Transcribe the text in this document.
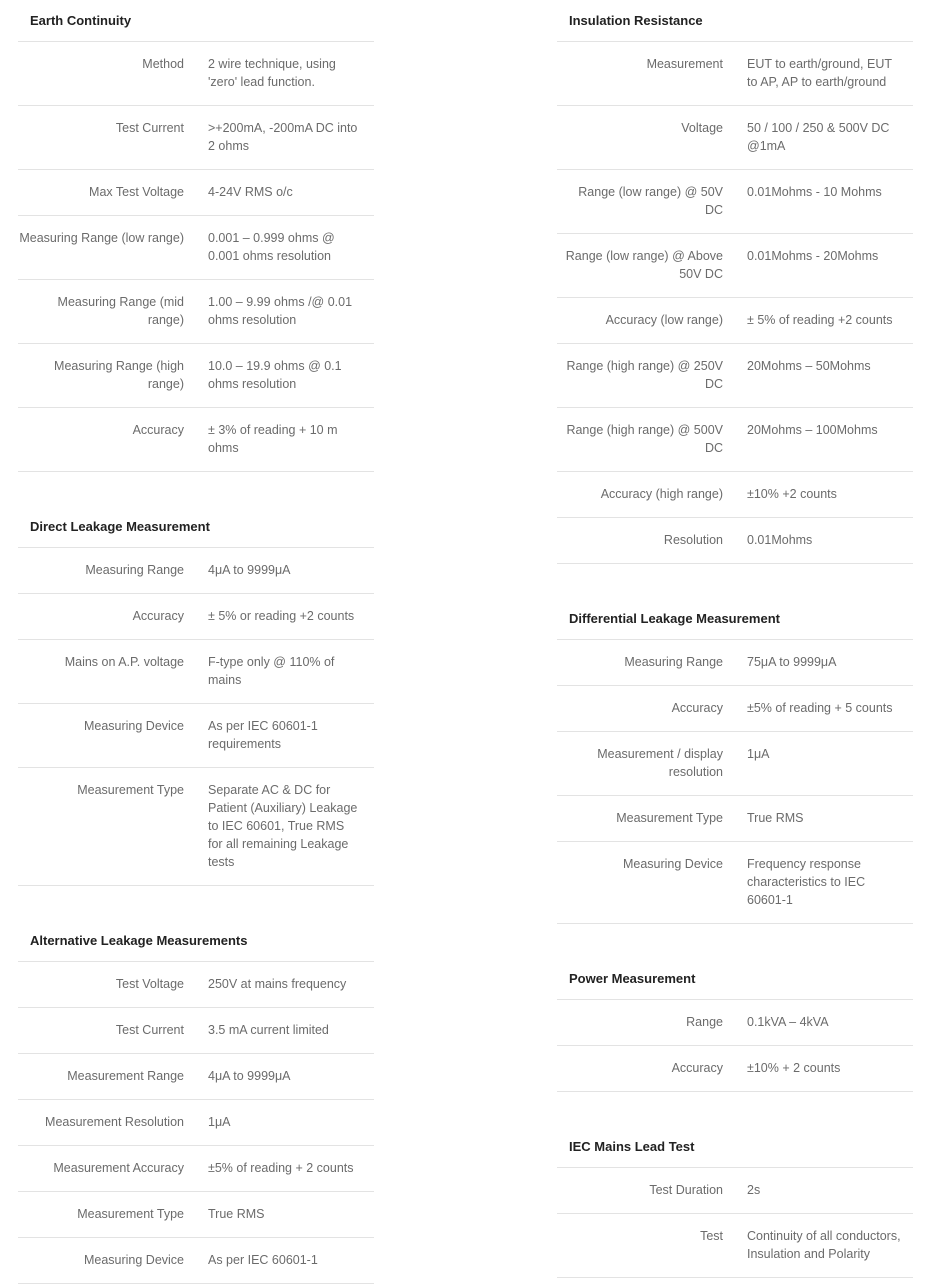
Earth Continuity
Method 2 wire technique, using 'zero' lead function.
Test Current >+200mA, -200mA DC into 2 ohms
Max Test Voltage 4-24V RMS o/c
Measuring Range (low range) 0.001 – 0.999 ohms @ 0.001 ohms resolution
Measuring Range (mid range)
1.00 – 9.99 ohms /@ 0.01 ohms resolution
Measuring Range (high range)
10.0 – 19.9 ohms @ 0.1 ohms resolution
Accuracy ± 3% of reading + 10 m ohms
Direct Leakage Measurement
Measuring Range 4μA to 9999μA
Accuracy ± 5% or reading +2 counts
Mains on A.P. voltage F-type only @ 110% of mains
Measuring Device As per IEC 60601-1 requirements
Measurement Type Separate AC & DC for Patient (Auxiliary) Leakage to IEC 60601, True RMS for all remaining Leakage tests
Alternative Leakage Measurements
Test Voltage 250V at mains frequency
Test Current 3.5 mA current limited
Measurement Range 4μA to 9999μA
Measurement Resolution 1μA
Measurement Accuracy ±5% of reading + 2 counts
Measurement Type True RMS
Measuring Device As per IEC 60601-1
Insulation Resistance
Measurement EUT to earth/ground, EUT to AP, AP to earth/ground
Voltage 50 / 100 / 250 & 500V DC @1mA
Range (low range) @ 50V DC
0.01Mohms - 10 Mohms
Range (low range) @ Above 50V DC
0.01Mohms - 20Mohms
Accuracy (low range) ± 5% of reading +2 counts
Range (high range) @ 250V DC
20Mohms – 50Mohms
Range (high range) @ 500V DC
20Mohms – 100Mohms
Accuracy (high range) ±10% +2 counts
Resolution 0.01Mohms
Differential Leakage Measurement
Measuring Range 75μA to 9999μA
Accuracy ±5% of reading + 5 counts
Measurement / display resolution
1μA
Measurement Type True RMS
Measuring Device Frequency response characteristics to IEC 60601-1
Power Measurement
Range 0.1kVA – 4kVA
Accuracy ±10% + 2 counts
IEC Mains Lead Test
Test Duration 2s
Test Continuity of all conductors, Insulation and Polarity
